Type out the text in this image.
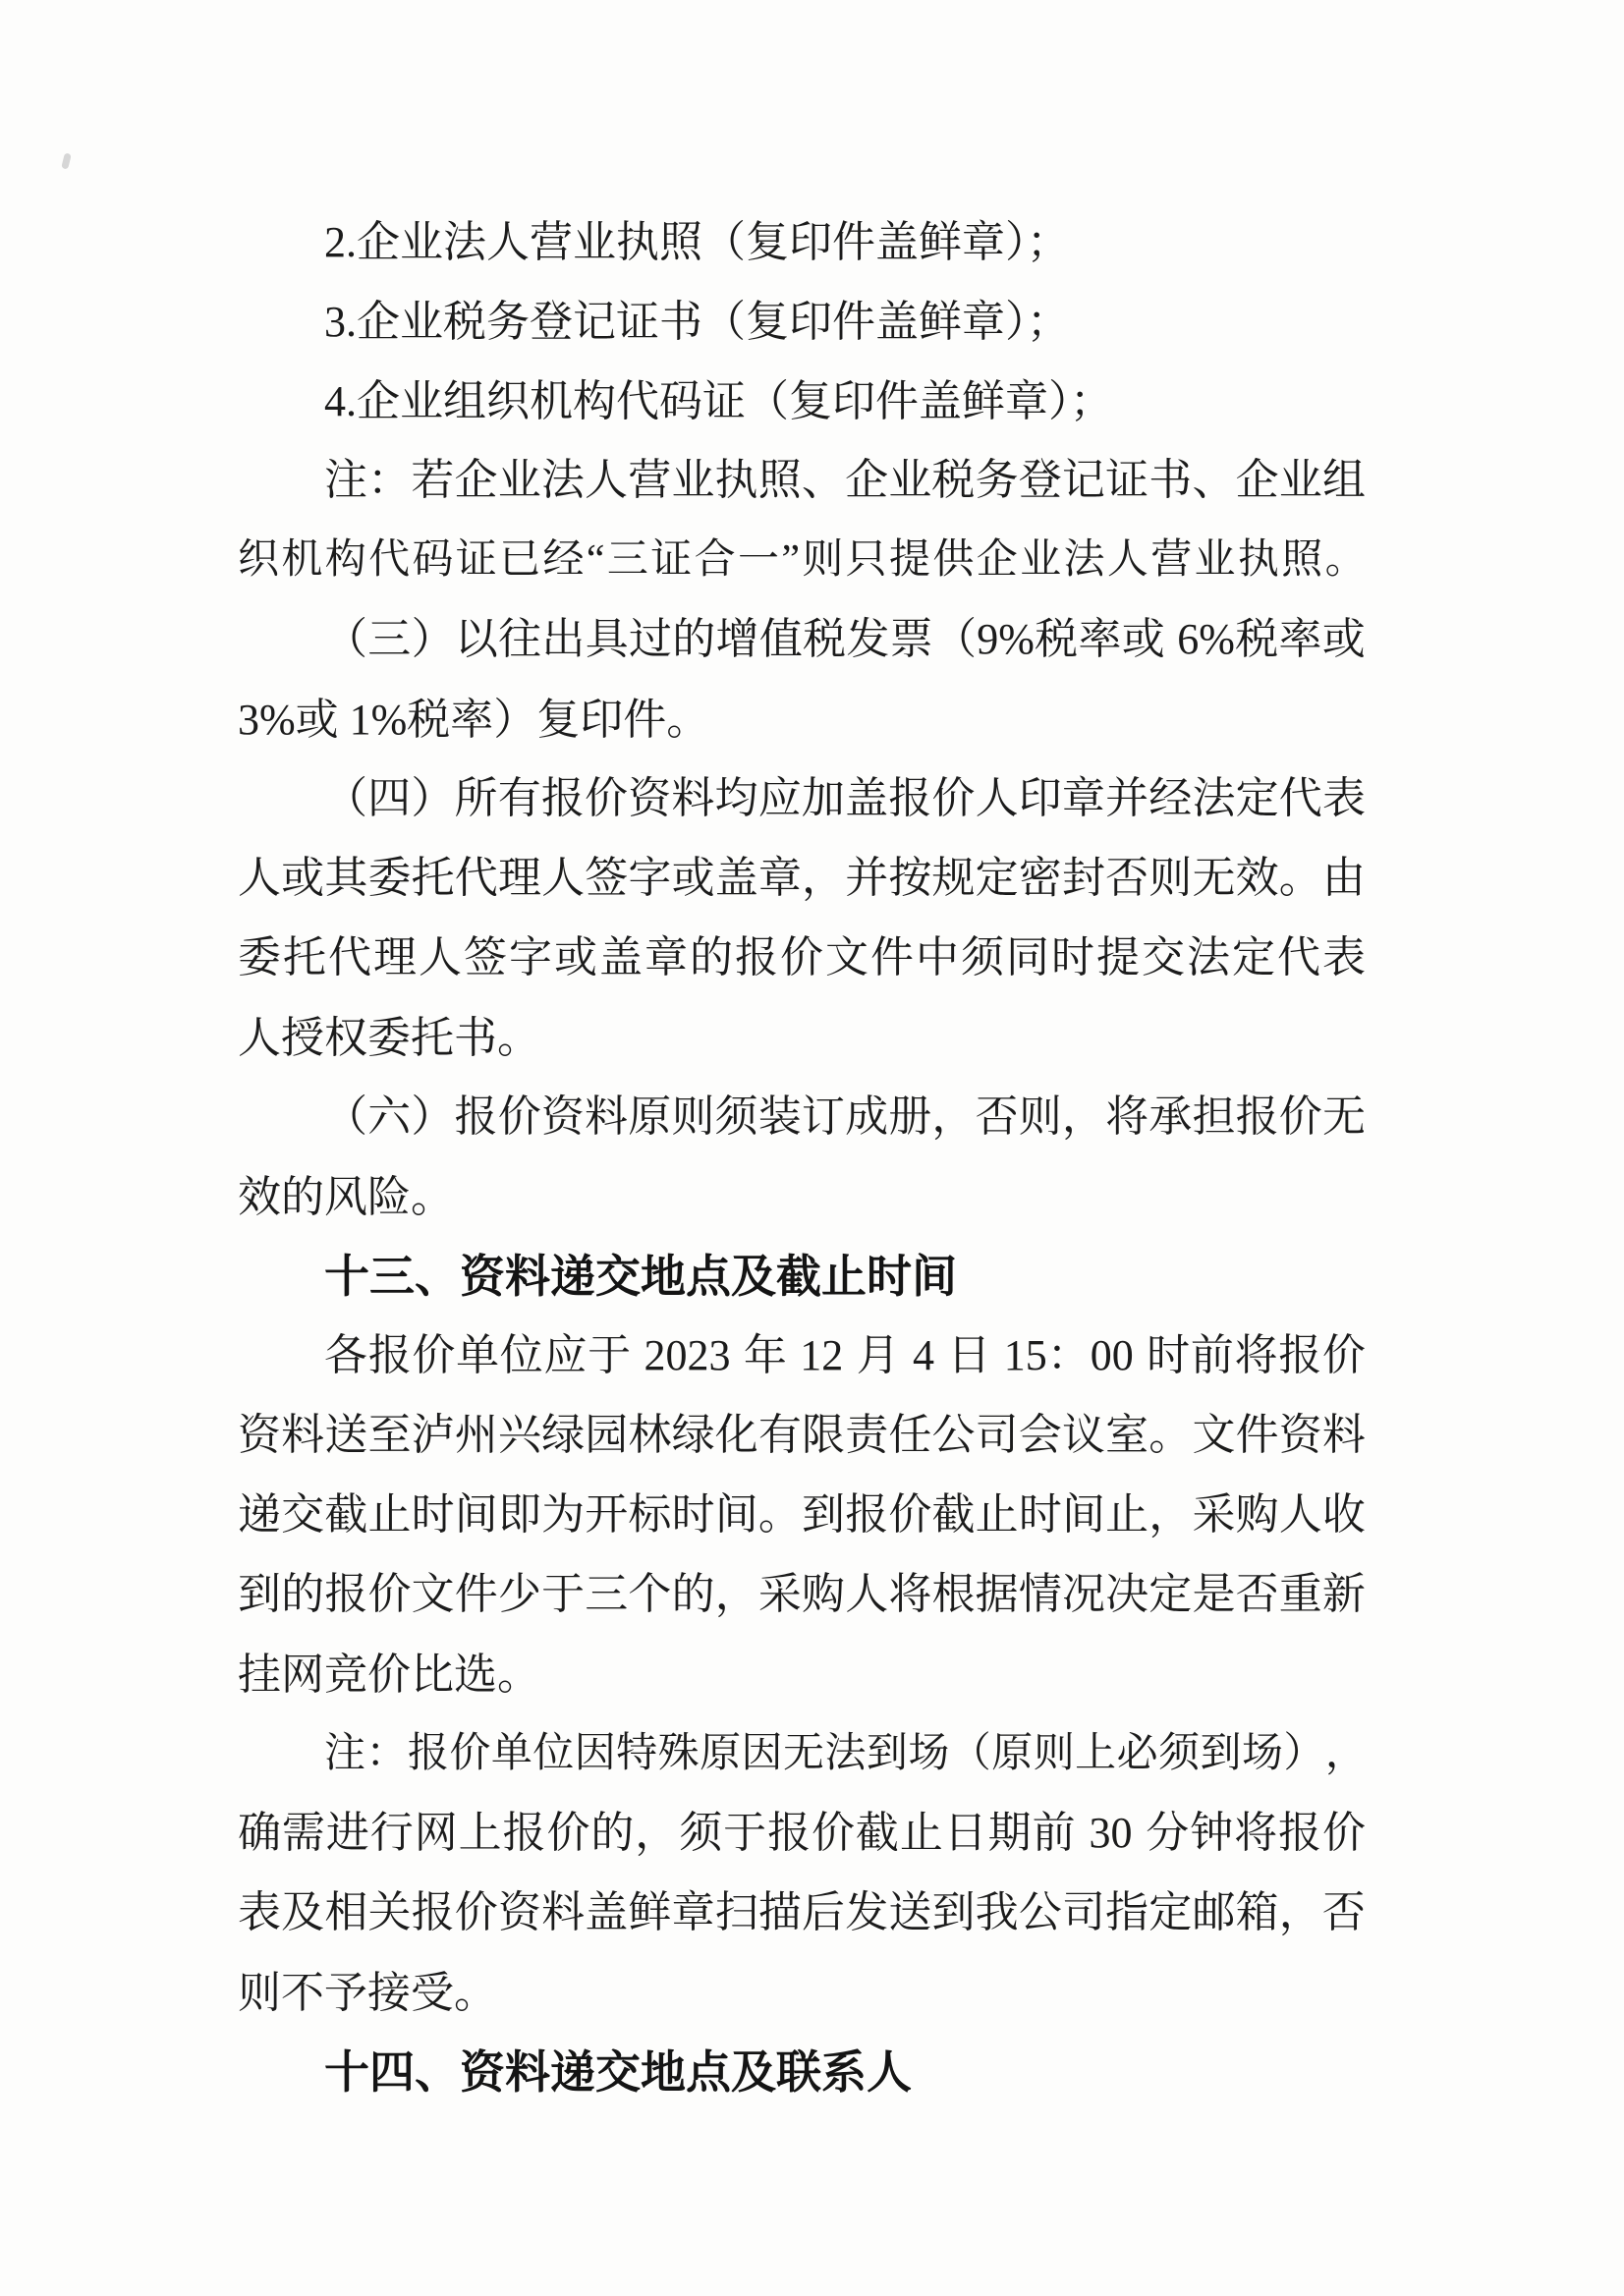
2.企业法人营业执照（复印件盖鲜章）；
3.企业税务登记证书（复印件盖鲜章）；
4.企业组织机构代码证（复印件盖鲜章）；
注 ： 若 企 业 法 人 营 业 执 照 、 企 业 税 务 登 记 证 书 、 企 业 组
织 机 构 代 码 证 已 经 “ 三 证 合 一 ” 则 只 提 供 企 业 法 人 营 业 执 照 。
（ 三 ） 以 往 出 具 过 的 增 值 税 发 票 （ 9% 税 率 或
6% 税 率 或
3%或 1%税率）复印件。
（ 四 ） 所 有 报 价 资 料 均 应 加 盖 报 价 人 印 章 并 经 法 定 代 表
人 或 其 委 托 代 理 人 签 字 或 盖 章 ， 并 按 规 定 密 封 否 则 无 效 。 由
委 托 代 理 人 签 字 或 盖 章 的 报 价 文 件 中 须 同 时 提 交 法 定 代 表
人授权委托书。
（ 六 ） 报 价 资 料 原 则 须 装 订 成 册 ， 否 则 ， 将 承 担 报 价 无
效的风险。
十三、资料递交地点及截止时间
各 报 价 单 位 应 于
2023
年
12
月
4
日
15：00
时 前 将 报 价
资 料 送 至 泸 州 兴 绿 园 林 绿 化 有 限 责 任 公 司 会 议 室 。 文 件 资 料
递 交 截 止 时 间 即 为 开 标 时 间 。 到 报 价 截 止 时 间 止 ， 采 购 人 收
到 的 报 价 文 件 少 于 三 个 的 ， 采 购 人 将 根 据 情 况 决 定 是 否 重 新
挂网竞价比选。
注 ： 报 价 单 位 因 特 殊 原 因 无 法 到 场 （ 原 则 上 必 须 到 场 ） ，
确 需 进 行 网 上 报 价 的 ， 须 于 报 价 截 止 日 期 前
30
分 钟 将 报 价
表 及 相 关 报 价 资 料 盖 鲜 章 扫 描 后 发 送 到 我 公 司 指 定 邮 箱 ， 否
则不予接受。
十四、资料递交地点及联系人
